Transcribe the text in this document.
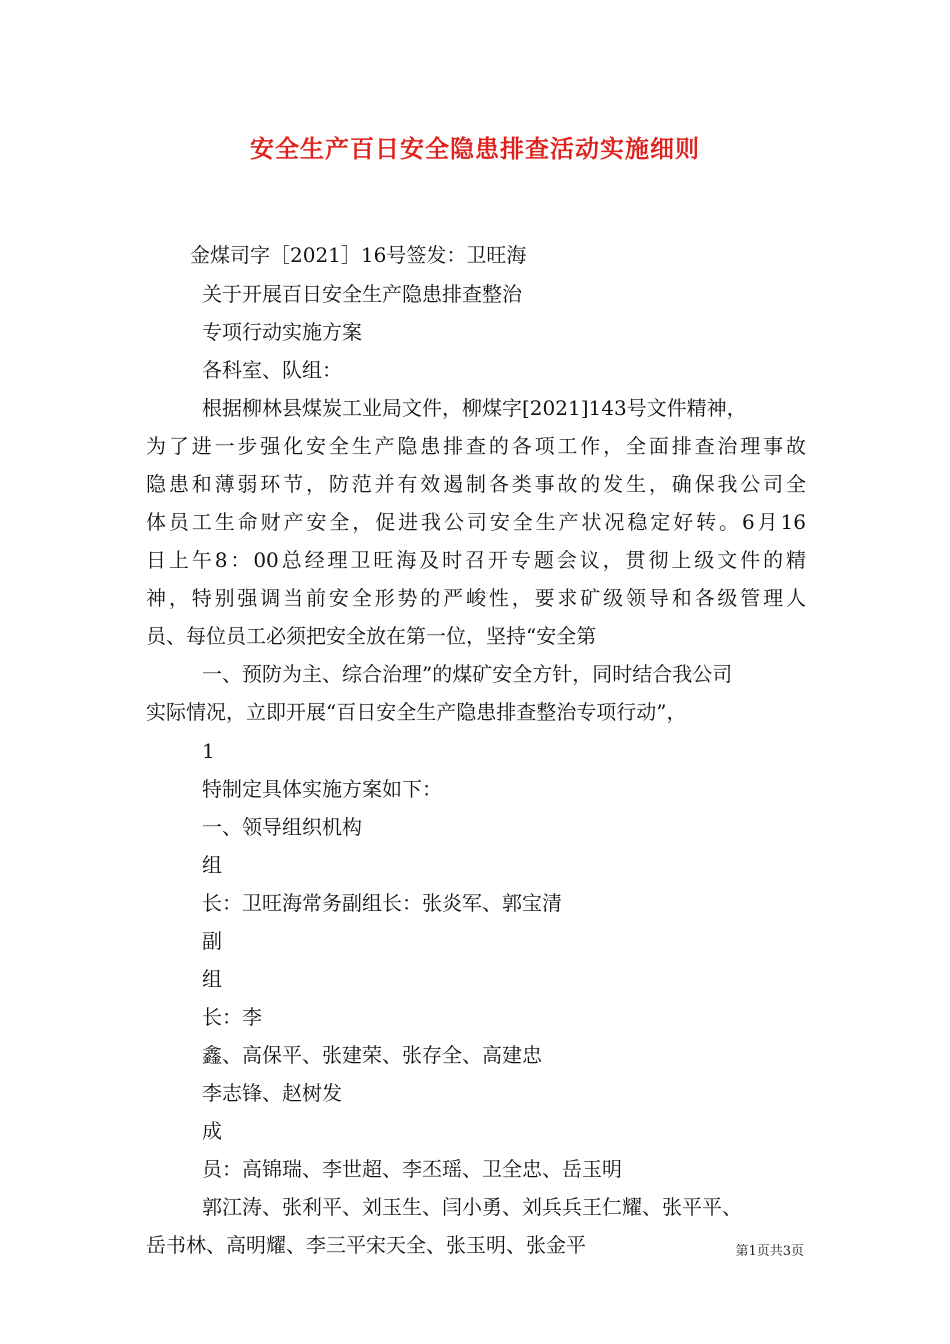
安全生产百日安全隐患排查活动实施细则
金煤司字［2021］16号签发：卫旺海
关于开展百日安全生产隐患排查整治
专项行动实施方案
各科室、队组：
根据柳林县煤炭工业局文件，柳煤字[2021]143号文件精神，
为了进一步强化安全生产隐患排查的各项工作，全面排查治理事故
隐患和薄弱环节，防范并有效遏制各类事故的发生，确保我公司全
体员工生命财产安全，促进我公司安全生产状况稳定好转。6月16
日上午8：00总经理卫旺海及时召开专题会议，贯彻上级文件的精
神，特别强调当前安全形势的严峻性，要求矿级领导和各级管理人
员、每位员工必须把安全放在第一位，坚持“安全第
一、预防为主、综合治理”的煤矿安全方针，同时结合我公司
实际情况，立即开展“百日安全生产隐患排查整治专项行动”，
1
特制定具体实施方案如下：
一、领导组织机构
组
长：卫旺海常务副组长：张炎军、郭宝清
副
组
长：李
鑫、高保平、张建荣、张存全、高建忠
李志锋、赵树发
成
员：高锦瑞、李世超、李丕瑶、卫全忠、岳玉明
郭江涛、张利平、刘玉生、闫小勇、刘兵兵王仁耀、张平平、
岳书林、高明耀、李三平宋天全、张玉明、张金平	第1页共3页
